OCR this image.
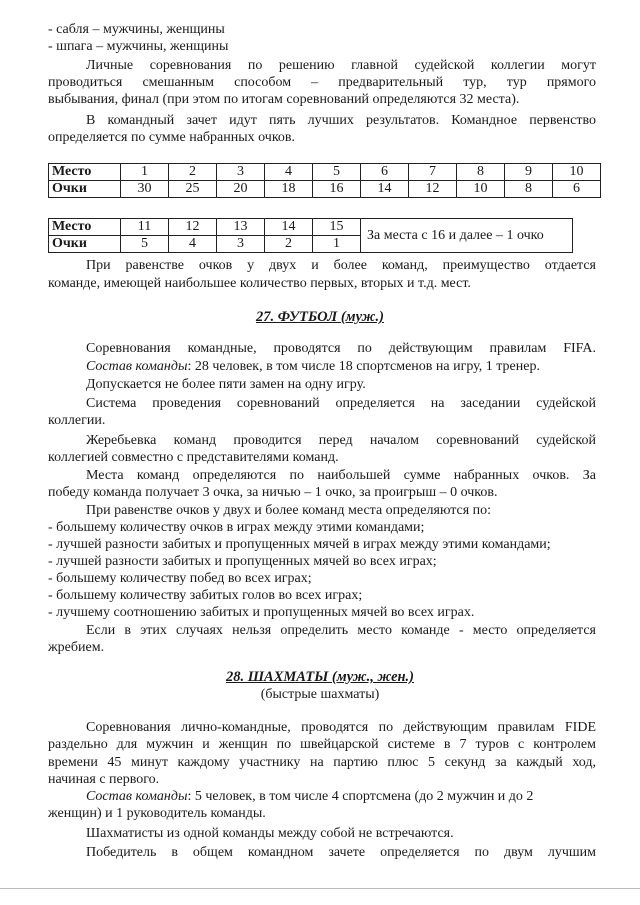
- сабля – мужчины, женщины
- шпага – мужчины, женщины
Личные соревнования по решению главной судейской коллегии могут
проводиться смешанным способом – предварительный тур, тур прямого
выбывания, финал (при этом по итогам соревнований определяются 32 места).
В командный зачет идут пять лучших результатов. Командное первенство
определяется по сумме набранных очков.
Место	1	2	3	4	5	6	7	8	9	10
Очки	30	25	20	18	16	14	12	10	8	6
Место	11	12	13	14	15	За места с 16 и далее – 1 очко
Очки	5	4	3	2	1	
При равенстве очков у двух и более команд, преимущество отдается
команде, имеющей наибольшее количество первых, вторых и т.д. мест.
27. ФУТБОЛ (муж.)
Соревнования командные, проводятся по действующим правилам FIFA.
Состав команды: 28 человек, в том числе 18 спортсменов на игру, 1 тренер.
Допускается не более пяти замен на одну игру.
Система проведения соревнований определяется на заседании судейской
коллегии.
Жеребьевка команд проводится перед началом соревнований судейской
коллегией совместно с представителями команд.
Места команд определяются по наибольшей сумме набранных очков. За
победу команда получает 3 очка, за ничью – 1 очко, за проигрыш – 0 очков.
При равенстве очков у двух и более команд места определяются по:
- большему количеству очков в играх между этими командами;
- лучшей разности забитых и пропущенных мячей в играх между этими командами;
- лучшей разности забитых и пропущенных мячей во всех играх;
- большему количеству побед во всех играх;
- большему количеству забитых голов во всех играх;
- лучшему соотношению забитых и пропущенных мячей во всех играх.
Если в этих случаях нельзя определить место команде - место определяется
жребием.
28. ШАХМАТЫ (муж., жен.)
(быстрые шахматы)
Соревнования лично-командные, проводятся по действующим правилам FIDE
раздельно для мужчин и женщин по швейцарской системе в 7 туров с контролем
времени 45 минут каждому участнику на партию плюс 5 секунд за каждый ход,
начиная с первого.
Состав команды: 5 человек, в том числе 4 спортсмена (до 2 мужчин и до 2
женщин) и 1 руководитель команды.
Шахматисты из одной команды между собой не встречаются.
Победитель в общем командном зачете определяется по двум лучшим
